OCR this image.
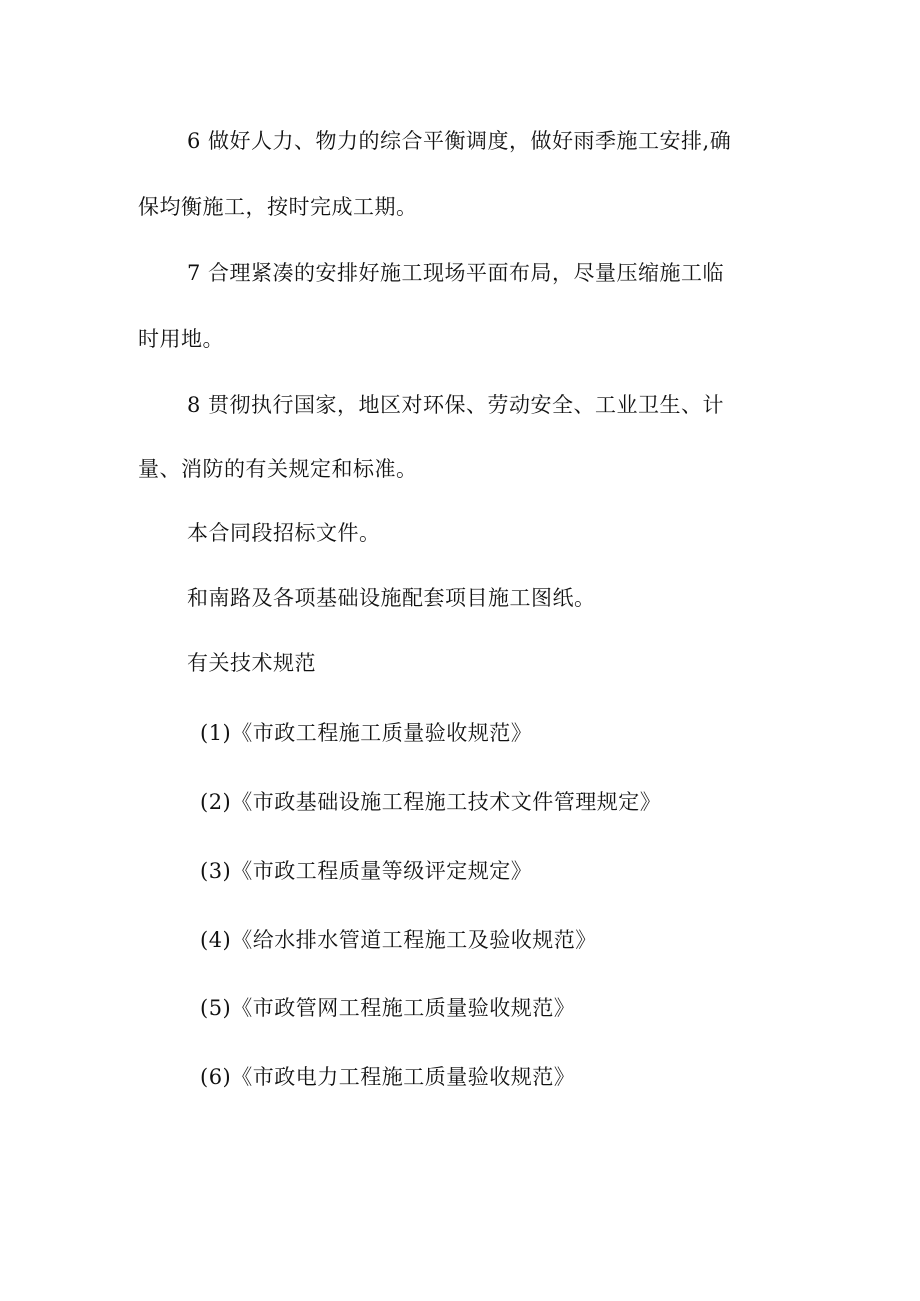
6 做好人力、物力的综合平衡调度，做好雨季施工安排,确
保均衡施工，按时完成工期。
7 合理紧凑的安排好施工现场平面布局，尽量压缩施工临
时用地。
8 贯彻执行国家，地区对环保、劳动安全、工业卫生、计
量、消防的有关规定和标准。
本合同段招标文件。
和南路及各项基础设施配套项目施工图纸。
有关技术规范
(1)《市政工程施工质量验收规范》
(2)《市政基础设施工程施工技术文件管理规定》
(3)《市政工程质量等级评定规定》
(4)《给水排水管道工程施工及验收规范》
(5)《市政管网工程施工质量验收规范》
(6)《市政电力工程施工质量验收规范》
